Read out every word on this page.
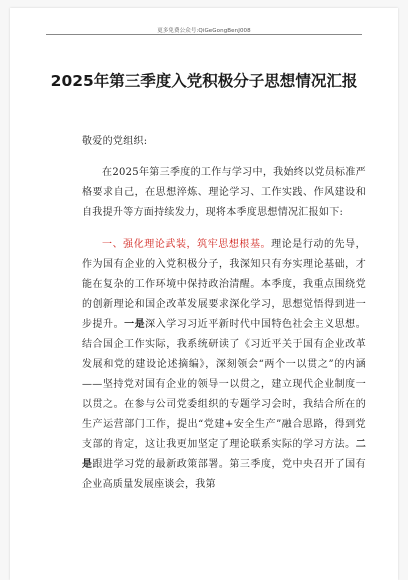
更多免费公众号:QiGeGongBenJ008
2025年第三季度入党积极分子思想情况汇报

敬爱的党组织:

在2025年第三季度的工作与学习中，我始终以党员标准严格要求自己，在思想淬炼、理论学习、工作实践、作风建设和自我提升等方面持续发力，现将本季度思想情况汇报如下:

一、强化理论武装，筑牢思想根基。理论是行动的先导，作为国有企业的入党积极分子，我深知只有夯实理论基础，才能在复杂的工作环境中保持政治清醒。本季度，我重点围绕党的创新理论和国企改革发展要求深化学习，思想觉悟得到进一步提升。一是深入学习习近平新时代中国特色社会主义思想。结合国企工作实际，我系统研读了《习近平关于国有企业改革发展和党的建设论述摘编》，深刻领会“两个一以贯之”的内涵——坚持党对国有企业的领导一以贯之，建立现代企业制度一以贯之。在参与公司党委组织的专题学习会时，我结合所在的生产运营部门工作，提出“党建+安全生产”融合思路，得到党支部的肯定，这让我更加坚定了理论联系实际的学习方法。二是跟进学习党的最新政策部署。第三季度，党中央召开了国有企业高质量发展座谈会，我第
